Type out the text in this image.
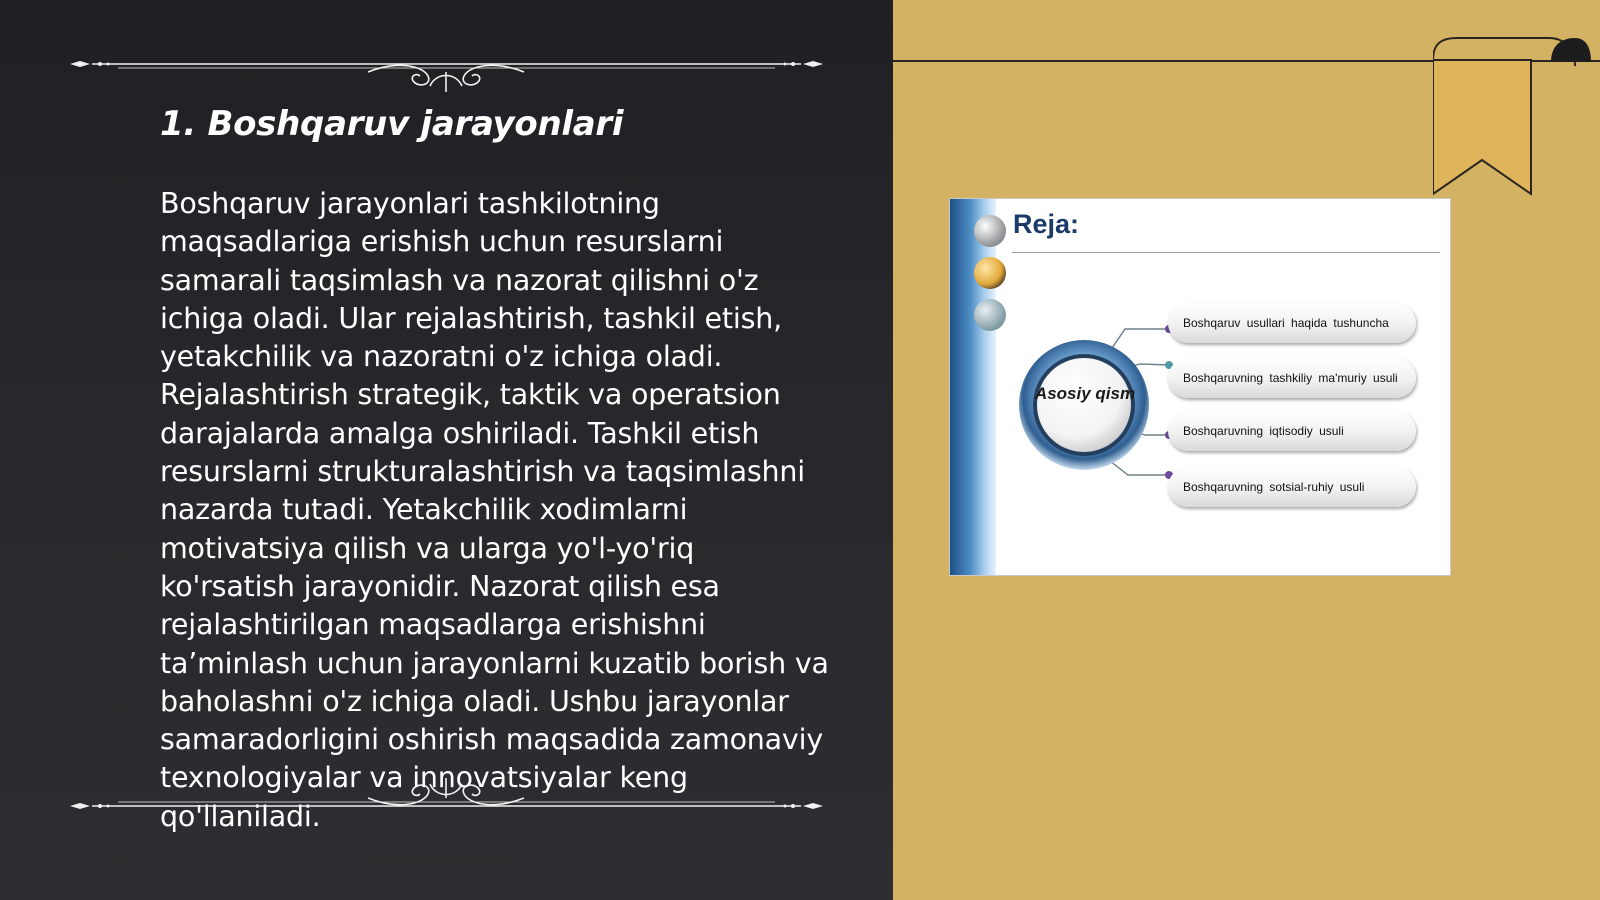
1. Boshqaruv jarayonlari

Boshqaruv jarayonlari tashkilotning maqsadlariga erishish uchun resurslarni samarali taqsimlash va nazorat qilishni o'z ichiga oladi. Ular rejalashtirish, tashkil etish, yetakchilik va nazoratni o'z ichiga oladi. Rejalashtirish strategik, taktik va operatsion darajalarda amalga oshiriladi. Tashkil etish resurslarni strukturalashtirish va taqsimlashni nazarda tutadi. Yetakchilik xodimlarni motivatsiya qilish va ularga yo'l-yo'riq ko'rsatish jarayonidir. Nazorat qilish esa rejalashtirilgan maqsadlarga erishishni ta’minlash uchun jarayonlarni kuzatib borish va baholashni o'z ichiga oladi. Ushbu jarayonlar samaradorligini oshirish maqsadida zamonaviy texnologiyalar va innovatsiyalar keng qo'llaniladi.

Reja:
Asosiy qism
Boshqaruv usullari haqida tushuncha
Boshqaruvning tashkiliy ma'muriy usuli
Boshqaruvning iqtisodiy usuli
Boshqaruvning sotsial-ruhiy usuli
